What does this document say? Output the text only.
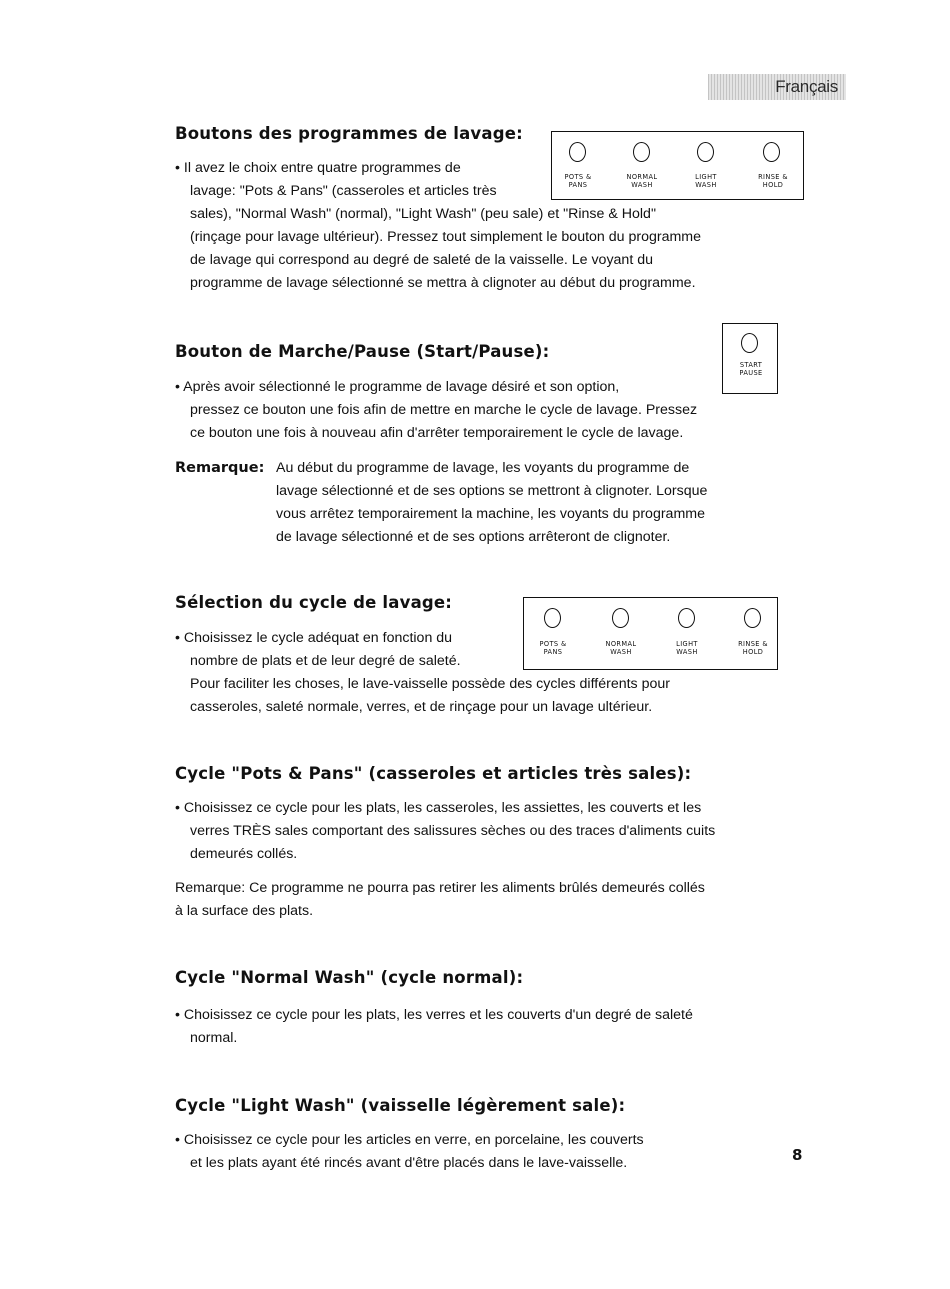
Français
Boutons des programmes de lavage:
POTS &
PANS
NORMAL
WASH
LIGHT
WASH
RINSE &
HOLD

• Il avez le choix entre quatre programmes de

lavage: "Pots & Pans" (casseroles et articles très

sales), "Normal Wash" (normal), "Light Wash" (peu sale) et "Rinse & Hold"

(rinçage pour lavage ultérieur). Pressez tout simplement le bouton du programme

de lavage qui correspond au degré de saleté de la vaisselle. Le voyant du

programme de lavage sélectionné se mettra à clignoter au début du programme.

Bouton de Marche/Pause (Start/Pause):
START
PAUSE

• Après avoir sélectionné le programme de lavage désiré et son option,

pressez ce bouton une fois afin de mettre en marche le cycle de lavage. Pressez

ce bouton une fois à nouveau afin d'arrêter temporairement le cycle de lavage.

Remarque: Au début du programme de lavage, les voyants du programme de

lavage sélectionné et de ses options se mettront à clignoter. Lorsque

vous arrêtez temporairement la machine, les voyants du programme

de lavage sélectionné et de ses options arrêteront de clignoter.

Sélection du cycle de lavage:
POTS &
PANS
NORMAL
WASH
LIGHT
WASH
RINSE &
HOLD

• Choisissez le cycle adéquat en fonction du

nombre de plats et de leur degré de saleté.

Pour faciliter les choses, le lave-vaisselle possède des cycles différents pour

casseroles, saleté normale, verres, et de rinçage pour un lavage ultérieur.

Cycle "Pots & Pans" (casseroles et articles très sales):

• Choisissez ce cycle pour les plats, les casseroles, les assiettes, les couverts et les

verres TRÈS sales comportant des salissures sèches ou des traces d'aliments cuits

demeurés collés.

Remarque: Ce programme ne pourra pas retirer les aliments brûlés demeurés collés

à la surface des plats.

Cycle "Normal Wash" (cycle normal):

• Choisissez ce cycle pour les plats, les verres et les couverts d'un degré de saleté

normal.

Cycle "Light Wash" (vaisselle légèrement sale):

• Choisissez ce cycle pour les articles en verre, en porcelaine, les couverts

et les plats ayant été rincés avant d'être placés dans le lave-vaisselle.	8
